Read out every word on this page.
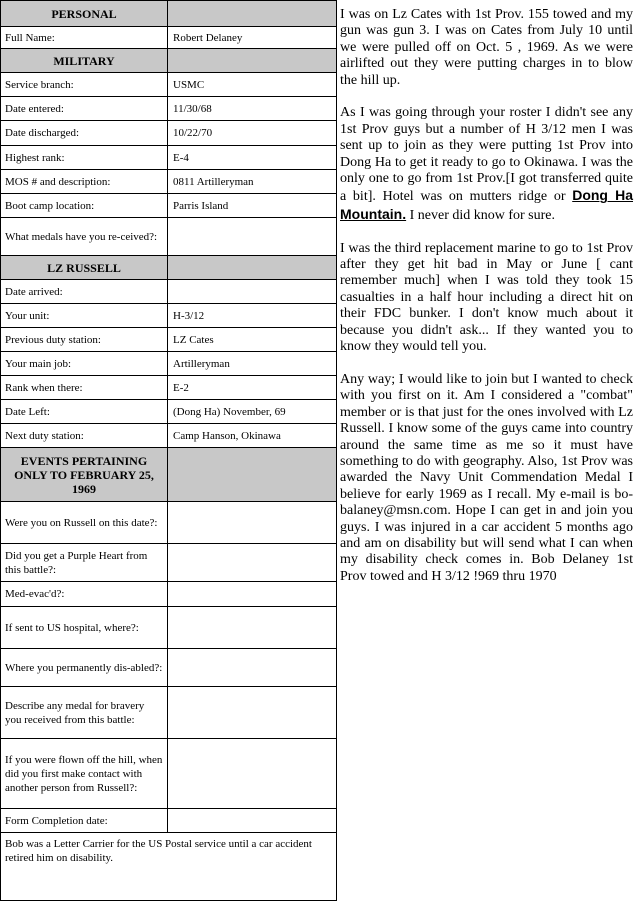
PERSONAL	
Full Name:	Robert Delaney
MILITARY	
Service branch:	USMC
Date entered:	11/30/68
Date discharged:	10/22/70
Highest rank:	E-4
MOS # and description:	0811 Artilleryman
Boot camp location:	Parris Island
What medals have you re-ceived?:	
LZ RUSSELL	
Date arrived:	
Your unit:	H-3/12
Previous duty station:	LZ Cates
Your main job:	Artilleryman
Rank when there:	E-2
Date Left:	(Dong Ha) November, 69
Next duty station:	Camp Hanson, Okinawa
EVENTS PERTAINING ONLY TO FEBRUARY 25, 1969	
Were you on Russell on this date?:	
Did you get a Purple Heart from this battle?:	
Med-evac'd?:	
If sent to US hospital, where?:	
Where you permanently dis-abled?:	
Describe any medal for bravery you received from this battle:	
If you were flown off the hill, when did you first make contact with another person from Russell?:	
Form Completion date:	
Bob was a Letter Carrier for the US Postal service until a car accident retired him on disability.	

I was on Lz Cates with 1st Prov. 155 towed and my gun was gun 3. I was on Cates from July 10 until we were pulled off on Oct. 5 , 1969. As we were airlifted out they were putting charges in to blow the hill up.

As I was going through your roster I didn't see any 1st Prov guys but a number of H 3/12 men I was sent up to join as they were putting 1st Prov into Dong Ha to get it ready to go to Okinawa. I was the only one to go from 1st Prov.[I got transferred quite a bit]. Hotel was on mutters ridge or Dong Ha Mountain. I never did know for sure.

I was the third replacement marine to go to 1st Prov after they get hit bad in May or June [ cant remember much] when I was told they took 15 casualties in a half hour including a direct hit on their FDC bunker. I don't know much about it because you didn't ask... If they wanted you to know they would tell you.

Any way; I would like to join but I wanted to check with you first on it. Am I considered a "combat" member or is that just for the ones involved with Lz Russell. I know some of the guys came into country around the same time as me so it must have something to do with geography. Also, 1st Prov was awarded the Navy Unit Commendation Medal I believe for early 1969 as I recall. My e-mail is bo-balaney@msn.com. Hope I can get in and join you guys. I was injured in a car accident 5 months ago and am on disability but will send what I can when my disability check comes in. Bob Delaney 1st Prov towed and H 3/12 !969 thru 1970
